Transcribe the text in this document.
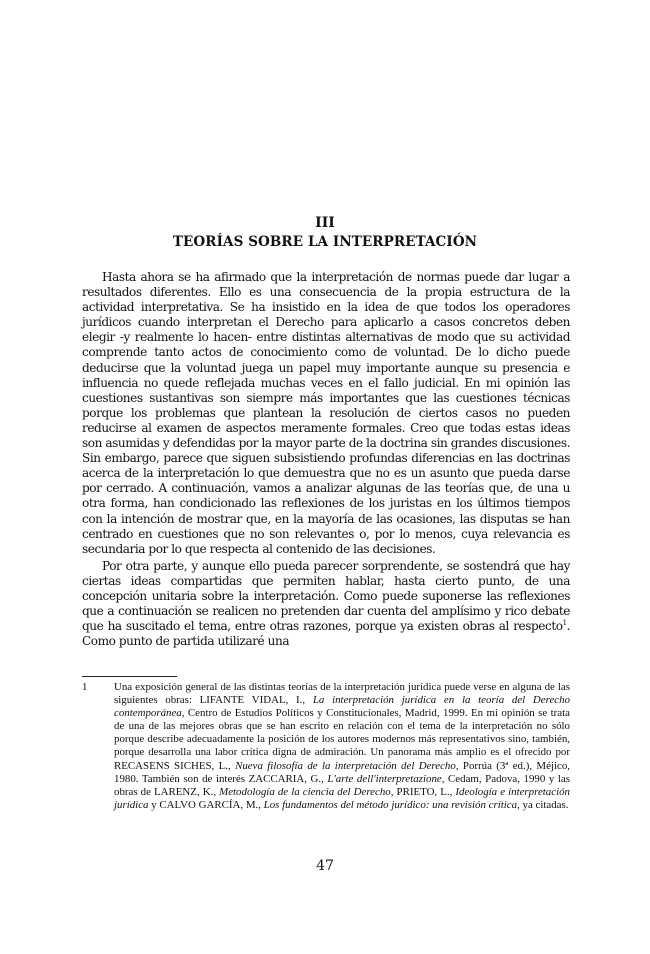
III
TEORÍAS SOBRE LA INTERPRETACIÓN

Hasta ahora se ha afirmado que la interpretación de normas puede dar lugar a resultados diferentes. Ello es una consecuencia de la propia estructura de la actividad interpretativa. Se ha insistido en la idea de que todos los operadores jurídicos cuando interpretan el Derecho para aplicarlo a casos concretos deben elegir -y realmente lo hacen- entre distintas alternativas de modo que su actividad comprende tanto actos de conocimiento como de voluntad. De lo dicho puede deducirse que la voluntad juega un papel muy importante aunque su presencia e influencia no quede reflejada muchas veces en el fallo judicial. En mi opinión las cuestiones sustantivas son siempre más importantes que las cuestiones técnicas porque los problemas que plantean la resolución de ciertos casos no pueden reducirse al examen de aspectos meramente formales. Creo que todas estas ideas son asumidas y defendidas por la mayor parte de la doctrina sin grandes discusiones. Sin embargo, parece que siguen subsistiendo profundas diferencias en las doctrinas acerca de la interpretación lo que demuestra que no es un asunto que pueda darse por cerrado. A continuación, vamos a analizar algunas de las teorías que, de una u otra forma, han condicionado las reflexiones de los juristas en los últimos tiempos con la intención de mostrar que, en la mayoría de las ocasiones, las disputas se han centrado en cuestiones que no son relevantes o, por lo menos, cuya relevancia es secundaria por lo que respecta al contenido de las decisiones.

Por otra parte, y aunque ello pueda parecer sorprendente, se sostendrá que hay ciertas ideas compartidas que permiten hablar, hasta cierto punto, de una concepción unitaria sobre la interpretación. Como puede suponerse las reflexiones que a continuación se realicen no pretenden dar cuenta del amplísimo y rico debate que ha suscitado el tema, entre otras razones, porque ya existen obras al respecto$^1$. Como punto de partida utilizaré una

1 Una exposición general de las distintas teorías de la interpretación jurídica puede verse en alguna de las siguientes obras: LIFANTE VIDAL, I., La interpretación jurídica en la teoría del Derecho contemporánea, Centro de Estudios Políticos y Constitucionales, Madrid, 1999. En mi opinión se trata de una de las mejores obras que se han escrito en relación con el tema de la interpretación no sólo porque describe adecuadamente la posición de los autores modernos más representativos sino, también, porque desarrolla una labor crítica digna de admiración. Un panorama más amplio es el ofrecido por RECASENS SICHES, L., Nueva filosofía de la interpretación del Derecho, Porrúa (3ª ed.), Méjico, 1980. También son de interés ZACCARIA, G., L'arte dell'interpretazione, Cedam, Padova, 1990 y las obras de LARENZ, K., Metodología de la ciencia del Derecho, PRIETO, L., Ideología e interpretación jurídica y CALVO GARCÍA, M., Los fundamentos del método jurídico: una revisión crítica, ya citadas.
47
